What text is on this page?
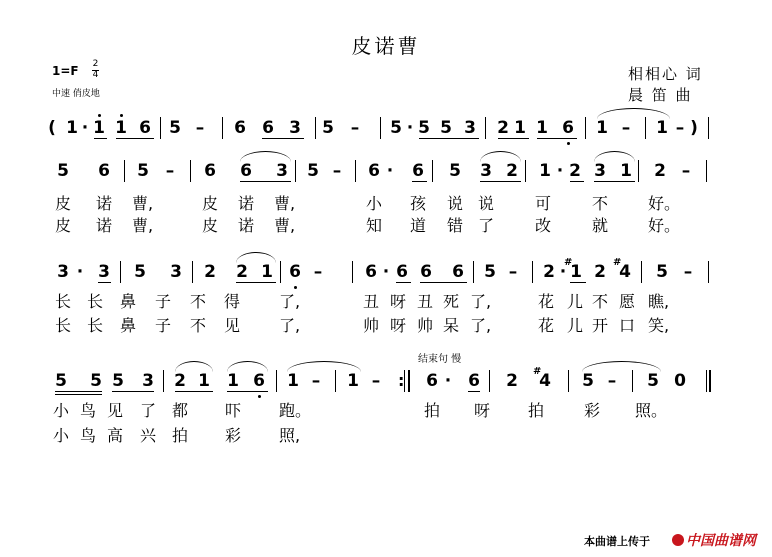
皮诺曹
1=F 2
4
中速 俏皮地
相相心 词
晨 笛 曲
结束句 慢
本曲谱上传于	中国曲谱网
( 1 · 1 1 6 5 – 6 6 3 5 – 5 · 5 5 3 2 1 1 6 1 – 1 – )
5 6 5 – 6 6 3 5 – 6 · 6 5 3 2 1 · 2 3 1 2 –
皮 诺 曹,	皮 诺 曹,	小 孩 说 说	可	不 好。
皮 诺 曹,	皮 诺 曹,	知 道 错 了	改	就 好。
3 · 3 5 3 2 2 1 6 –	6 · 6 6 6 5 – 2 · 1
# 2 4
# 5 –
长 长 鼻 子 不 得 了,	丑 呀 丑 死 了,	花 儿 不 愿 瞧,
长 长 鼻 子 不 见 了,	帅 呀 帅 呆 了,	花 儿 开 口 笑,
5 5 5 3 2 1 1 6 1 – 1 – : 6 · 6 2 4
# 5 – 5 0
小 鸟 见 了 都 吓 跑。	拍 呀 拍 彩 照。
小 鸟 高 兴 拍 彩 照,
